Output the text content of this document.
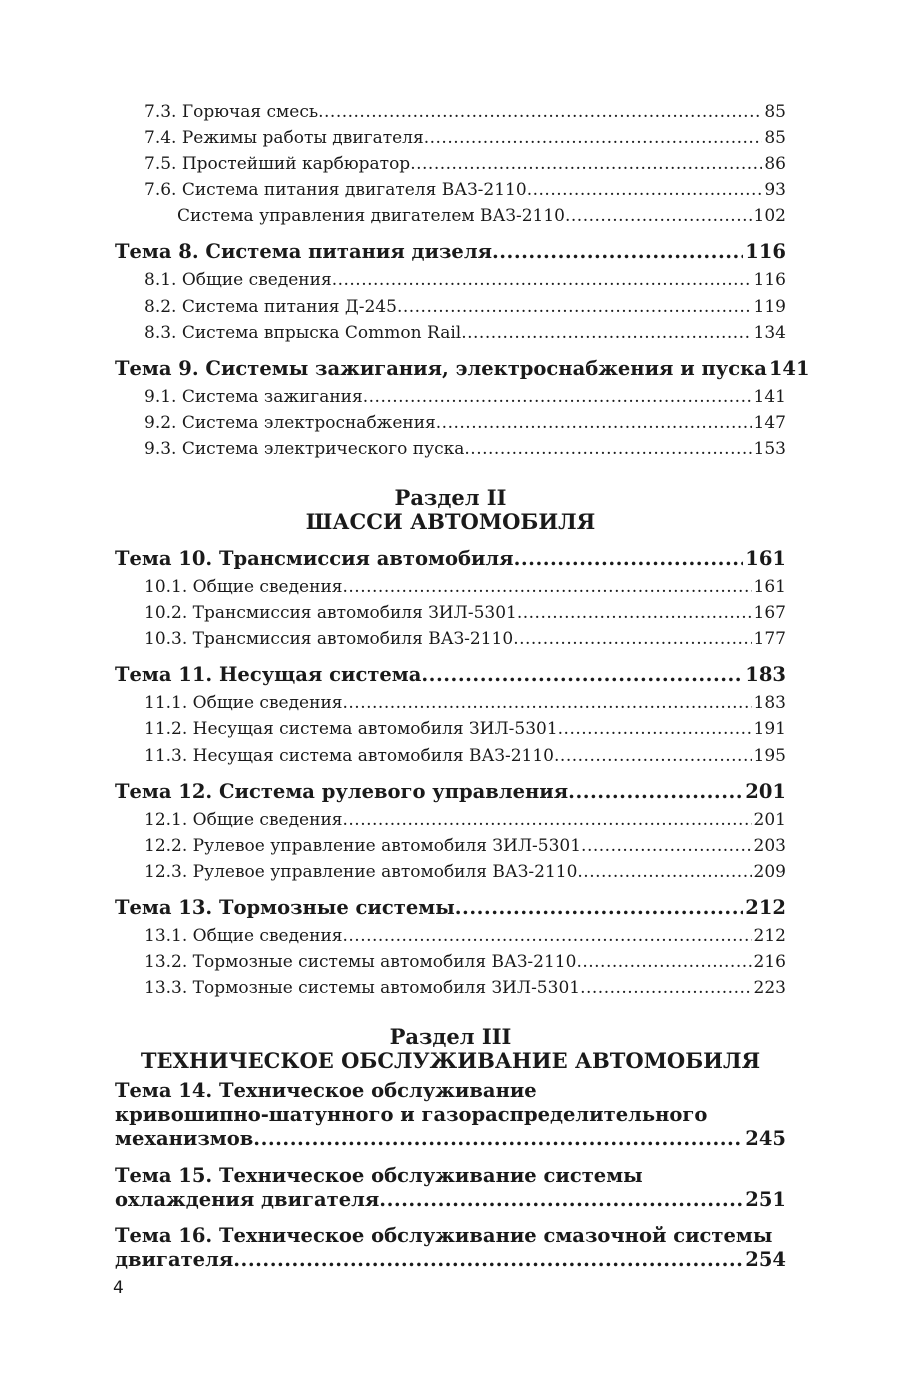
7.3. Горючая смесь .....	85
7.4. Режимы работы двигателя .....	85
7.5. Простейший карбюратор .....	86
7.6. Система питания двигателя ВАЗ-2110 .....	93
Система управления двигателем ВАЗ-2110 .....	102
Тема 8. Система питания дизеля .....	116
8.1. Общие сведения .....	116
8.2. Система питания Д-245 .....	119
8.3. Система впрыска Common Rail .....	134
Тема 9. Системы зажигания, электроснабжения и пуска 141
9.1. Система зажигания .....	141
9.2. Система электроснабжения .....	147
9.3. Система электрического пуска .....	153
Раздел II
ШАССИ АВТОМОБИЛЯ
Тема 10. Трансмиссия автомобиля .....	161
10.1. Общие сведения .....	161
10.2. Трансмиссия автомобиля ЗИЛ-5301 .....	167
10.3. Трансмиссия автомобиля ВАЗ-2110 .....	177
Тема 11. Несущая система .....	183
11.1. Общие сведения .....	183
11.2. Несущая система автомобиля ЗИЛ-5301 .....	191
11.3. Несущая система автомобиля ВАЗ-2110 .....	195
Тема 12. Система рулевого управления .....	201
12.1. Общие сведения .....	201
12.2. Рулевое управление автомобиля ЗИЛ-5301 .....	203
12.3. Рулевое управление автомобиля ВАЗ-2110 .....	209
Тема 13. Тормозные системы .....	212
13.1. Общие сведения .....	212
13.2. Тормозные системы автомобиля ВАЗ-2110 .....	216
13.3. Тормозные системы автомобиля ЗИЛ-5301 .....	223
Раздел III
ТЕХНИЧЕСКОЕ ОБСЛУЖИВАНИЕ АВТОМОБИЛЯ
Тема 14. Техническое обслуживание
кривошипно-шатунного и газораспределительного
механизмов .....	245
Тема 15. Техническое обслуживание системы
охлаждения двигателя .....	251
Тема 16. Техническое обслуживание смазочной системы
двигателя .....	254
4
